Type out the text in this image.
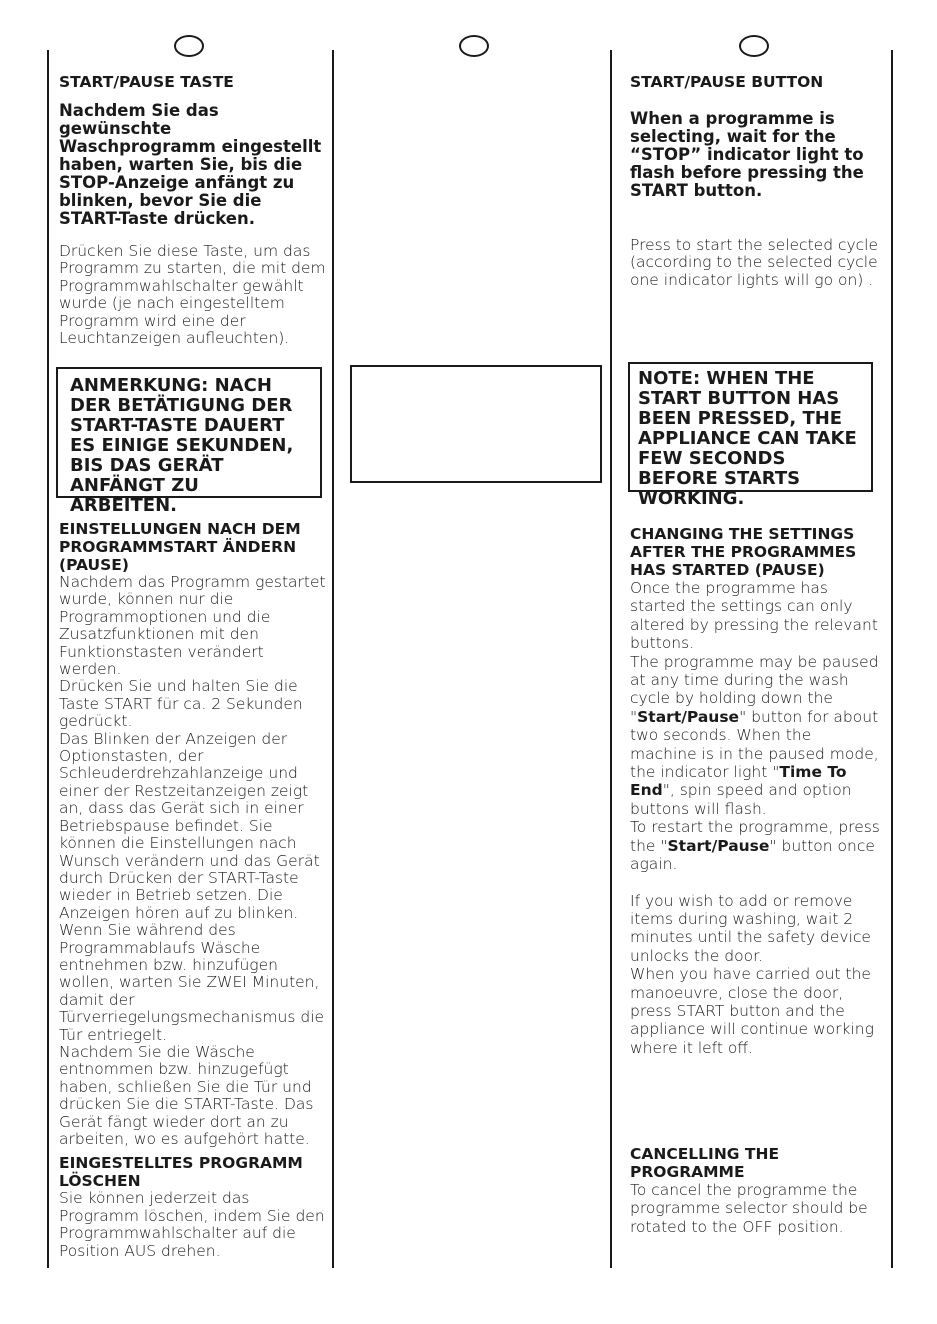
START/PAUSE TASTE

Nachdem Sie das gewünschte Waschprogramm eingestellt haben, warten Sie, bis die STOP-Anzeige anfängt zu blinken, bevor Sie die START-Taste drücken.

Drücken Sie diese Taste, um das Programm zu starten, die mit dem Programmwahlschalter gewählt wurde (je nach eingestelltem Programm wird eine der Leuchtanzeigen aufleuchten).

ANMERKUNG: NACH DER BETÄTIGUNG DER START-TASTE DAUERT ES EINIGE SEKUNDEN, BIS DAS GERÄT ANFÄNGT ZU ARBEITEN.

EINSTELLUNGEN NACH DEM PROGRAMMSTART ÄNDERN (PAUSE)

Nachdem das Programm gestartet wurde, können nur die Programmoptionen und die Zusatzfunktionen mit den Funktionstasten verändert werden.

Drücken Sie und halten Sie die Taste START für ca. 2 Sekunden gedrückt.

Das Blinken der Anzeigen der Optionstasten, der Schleuderdrehzahlanzeige und einer der Restzeitanzeigen zeigt an, dass das Gerät sich in einer Betriebspause befindet. Sie können die Einstellungen nach Wunsch verändern und das Gerät durch Drücken der START-Taste wieder in Betrieb setzen. Die Anzeigen hören auf zu blinken.

Wenn Sie während des Programmablaufs Wäsche entnehmen bzw. hinzufügen wollen, warten Sie ZWEI Minuten, damit der Türverriegelungsmechanismus die Tür entriegelt.

Nachdem Sie die Wäsche entnommen bzw. hinzugefügt haben, schließen Sie die Tür und drücken Sie die START-Taste. Das Gerät fängt wieder dort an zu arbeiten, wo es aufgehört hatte.

EINGESTELLTES PROGRAMM LÖSCHEN

Sie können jederzeit das Programm löschen, indem Sie den Programmwahlschalter auf die Position AUS drehen.

START/PAUSE BUTTON

When a programme is selecting, wait for the “STOP” indicator light to flash before pressing the START button.

Press to start the selected cycle (according to the selected cycle one indicator lights will go on) .

NOTE: WHEN THE START BUTTON HAS BEEN PRESSED, THE APPLIANCE CAN TAKE FEW SECONDS BEFORE STARTS WORKING.

CHANGING THE SETTINGS AFTER THE PROGRAMMES HAS STARTED (PAUSE)

Once the programme has started the settings can only altered by pressing the relevant buttons.

The programme may be paused at any time during the wash cycle by holding down the "Start/Pause" button for about two seconds. When the machine is in the paused mode, the indicator light "Time To End", spin speed and option buttons will flash.

To restart the programme, press the "Start/Pause" button once again.

If you wish to add or remove items during washing, wait 2 minutes until the safety device unlocks the door.

When you have carried out the manoeuvre, close the door, press START button and the appliance will continue working where it left off.

CANCELLING THE PROGRAMME

To cancel the programme the programme selector should be rotated to the OFF position.
